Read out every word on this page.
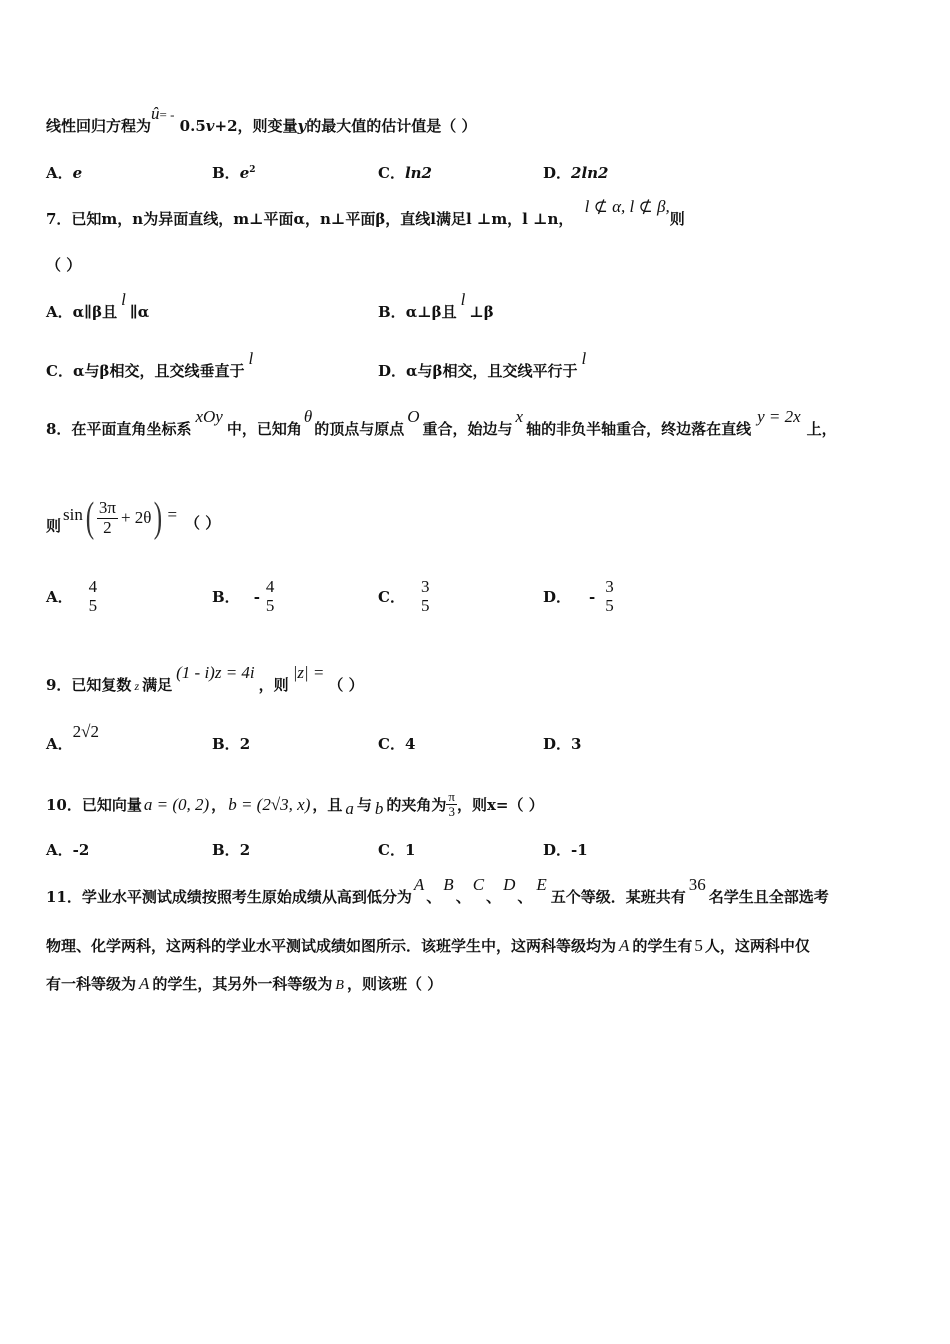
线性回归方程为û= - 0.5v+2，则变量y的最大值的估计值是（ ）
A．e	B．$e^2$	C．ln2	D．2ln2
7．已知m，n为异面直线，m⊥平面α，n⊥平面β，直线l满足l ⊥m，l ⊥n， l ⊄ α, l ⊄ β,则
（ ）
A．α∥β且l∥α	B．α⊥β且l⊥β
C．α与β相交，且交线垂直于l
D．α与β相交，且交线平行于l
8．在平面直角坐标系xOy中，已知角θ的顶点与原点O重合，始边与x轴的非负半轴重合，终边落在直线y = 2x上，
则
sin ( $\frac{3\pi}{2} + 2\theta$ ) = （ ）
A．
4
5	B． -
4
5	C．
3
5	D． -
3
5
9．已知复数 z 满足(1 - i)z = 4i，则|z| =（ ）
A．2√2
B．2	C．4	D．3
10．已知向量 a = (0, 2) ， b = (2√3, x) ，且 a 与 b 的夹角为 $\frac{\pi}{3}$ ，则x=（ ）
A．-2	B．2	C．1	D．-1
11．学业水平测试成绩按照考生原始成绩从高到低分为A、B、C、D、E五个等级．某班共有36名学生且全部选考
物理、化学两科，这两科的学业水平测试成绩如图所示．该班学生中，这两科等级均为 A 的学生有 5 人，这两科中仅
有一科等级为 A 的学生，其另外一科等级为 B ，则该班（ ）
